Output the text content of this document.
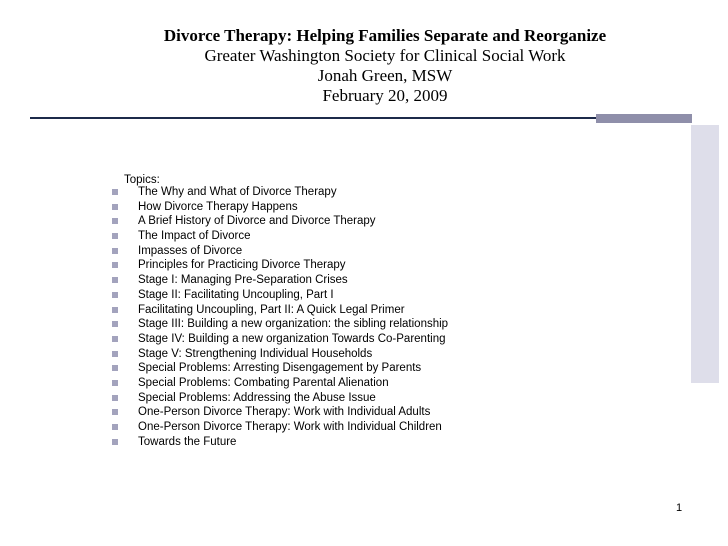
Divorce Therapy: Helping Families Separate and Reorganize
Greater Washington Society for Clinical Social Work
Jonah Green, MSW
February 20, 2009
Topics:
The Why and What of Divorce Therapy
How Divorce Therapy Happens
A Brief History of Divorce and Divorce Therapy
The Impact of Divorce
Impasses of Divorce
Principles for Practicing Divorce Therapy
Stage I: Managing Pre-Separation Crises
Stage II: Facilitating Uncoupling, Part I
Facilitating Uncoupling, Part II: A Quick Legal Primer
Stage III: Building a new organization: the sibling relationship
Stage IV: Building a new organization Towards Co-Parenting
Stage V: Strengthening Individual Households
Special Problems: Arresting Disengagement by Parents
Special Problems: Combating Parental Alienation
Special Problems: Addressing the Abuse Issue
One-Person Divorce Therapy: Work with Individual Adults
One-Person Divorce Therapy: Work with Individual Children
Towards the Future
1
